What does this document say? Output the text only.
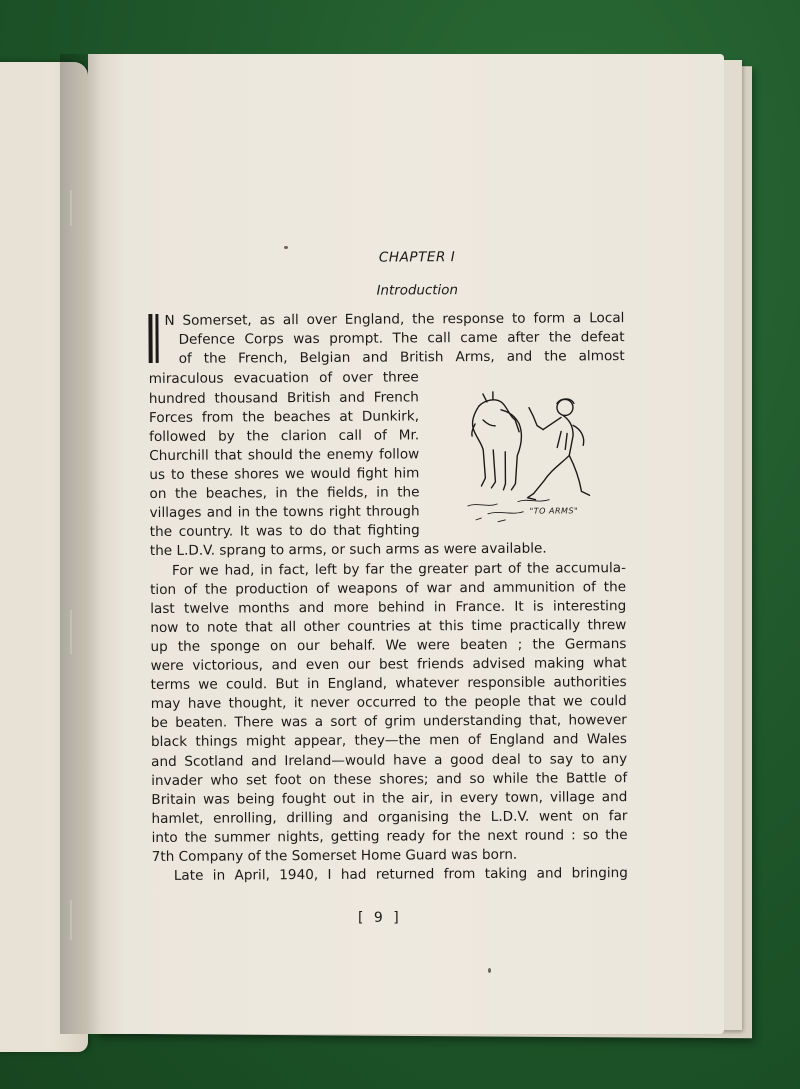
CHAPTER I
Introduction
N Somerset, as all over England, the response to form a Local
Defence Corps was prompt. The call came after the defeat
of the French, Belgian and British Arms, and the almost
miraculous evacuation of over three
hundred thousand British and French
Forces from the beaches at Dunkirk,
followed by the clarion call of Mr.
Churchill that should the enemy follow
us to these shores we would fight him
on the beaches, in the fields, in the
villages and in the towns right through
the country. It was to do that fighting
"TO ARMS"
the L.D.V. sprang to arms, or such arms as were available.
For we had, in fact, left by far the greater part of the accumula-
tion of the production of weapons of war and ammunition of the
last twelve months and more behind in France. It is interesting
now to note that all other countries at this time practically threw
up the sponge on our behalf. We were beaten ; the Germans
were victorious, and even our best friends advised making what
terms we could. But in England, whatever responsible authorities
may have thought, it never occurred to the people that we could
be beaten. There was a sort of grim understanding that, however
black things might appear, they—the men of England and Wales
and Scotland and Ireland—would have a good deal to say to any
invader who set foot on these shores; and so while the Battle of
Britain was being fought out in the air, in every town, village and
hamlet, enrolling, drilling and organising the L.D.V. went on far
into the summer nights, getting ready for the next round : so the
7th Company of the Somerset Home Guard was born.
Late in April, 1940, I had returned from taking and bringing
[ 9 ]
